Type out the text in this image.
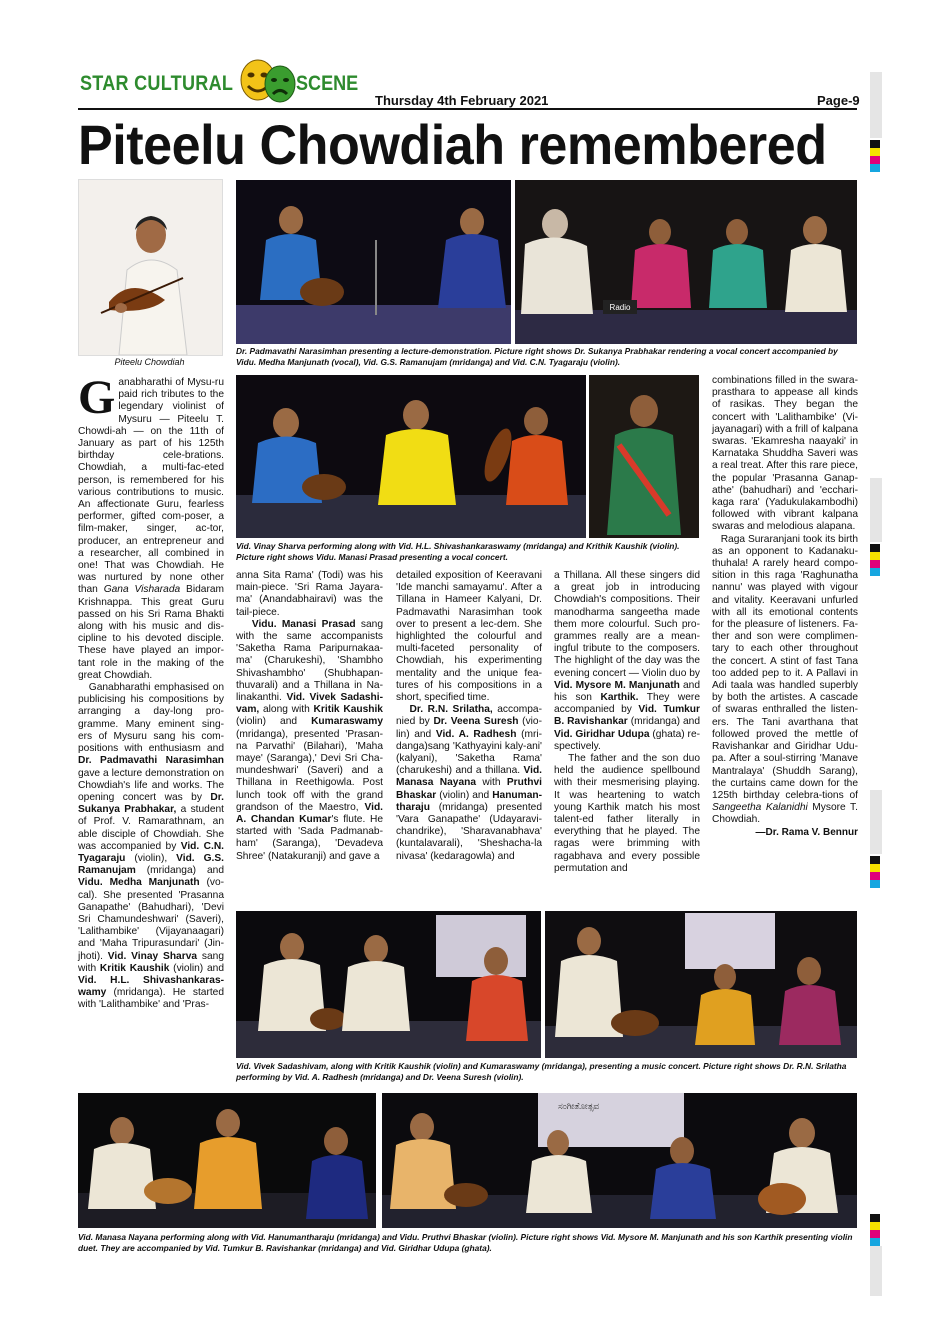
STAR CULTURAL	SCENE
Thursday 4th February 2021	Page-9
Piteelu Chowdiah remembered
Piteelu Chowdiah
Radio
Dr. Padmavathi Narasimhan presenting a lecture-demonstration. Picture right shows Dr. Sukanya Prabhakar rendering a vocal concert accompanied by Vidu. Medha Manjunath (vocal), Vid. G.S. Ramanujam (mridanga) and Vid. C.N. Tyagaraju (violin).
Vid. Vinay Sharva performing along with Vid. H.L. Shivashankaraswamy (mridanga) and Krithik Kaushik (violin). Picture right shows Vidu. Manasi Prasad presenting a vocal concert.
G anabharathi of Mysu-ru paid rich tributes to the legendary violinist of Mysuru — Piteelu T. Chowdi-ah — on the 11th of January as part of his 125th birthday cele-brations. Chowdiah, a multi-fac-eted person, is remembered for his various contributions to music. An affectionate Guru, fearless performer, gifted com-poser, a film-maker, singer, ac-tor, producer, an entrepreneur and a researcher, all combined in one! That was Chowdiah. He was nurtured by none other than Gana Visharada Bidaram Krishnappa. This great Guru passed on his Sri Rama Bhakti along with his music and dis-cipline to his devoted disciple. These have played an impor-tant role in the making of the great Chowdiah.
Ganabharathi emphasised on publicising his compositions by arranging a day-long pro-gramme. Many eminent sing-ers of Mysuru sang his com-positions with enthusiasm and Dr. Padmavathi Narasimhan gave a lecture demonstration on Chowdiah's life and works. The opening concert was by Dr. Sukanya Prabhakar, a student of Prof. V. Ramarathnam, an able disciple of Chowdiah. She was accompanied by Vid. C.N. Tyagaraju (violin), Vid. G.S. Ramanujam (mridanga) and Vidu. Medha Manjunath (vo-cal). She presented 'Prasanna Ganapathe' (Bahudhari), 'Devi Sri Chamundeshwari' (Saveri), 'Lalithambike' (Vijayanaagari) and 'Maha Tripurasundari' (Jin-jhoti). Vid. Vinay Sharva sang with Kritik Kaushik (violin) and Vid. H.L. Shivashankaras-wamy (mridanga). He started with 'Lalithambike' and 'Pras-
anna Sita Rama' (Todi) was his main-piece. 'Sri Rama Jayara-ma' (Anandabhairavi) was the tail-piece.
Vidu. Manasi Prasad sang with the same accompanists 'Saketha Rama Paripurnakaa-ma' (Charukeshi), 'Shambho Shivashambho' (Shubhapan-thuvarali) and a Thillana in Na-linakanthi. Vid. Vivek Sadashi-vam, along with Kritik Kaushik (violin) and Kumaraswamy (mridanga), presented 'Prasan-na Parvathi' (Bilahari), 'Maha maye' (Saranga),' Devi Sri Cha-mundeshwari' (Saveri) and a Thillana in Reethigowla. Post lunch took off with the grand grandson of the Maestro, Vid. A. Chandan Kumar's flute. He started with 'Sada Padmanab-ham' (Saranga), 'Devadeva Shree' (Natakuranji) and gave a
detailed exposition of Keeravani 'Ide manchi samayamu'. After a Tillana in Hameer Kalyani, Dr. Padmavathi Narasimhan took over to present a lec-dem. She highlighted the colourful and multi-faceted personality of Chowdiah, his experimenting mentality and the unique fea-tures of his compositions in a short, specified time.
Dr. R.N. Srilatha, accompa-nied by Dr. Veena Suresh (vio-lin) and Vid. A. Radhesh (mri-danga)sang 'Kathyayini kaly-ani' (kalyani), 'Saketha Rama' (charukeshi) and a thillana. Vid. Manasa Nayana with Pruthvi Bhaskar (violin) and Hanuman-tharaju (mridanga) presented 'Vara Ganapathe' (Udayaravi-chandrike), 'Sharavanabhava' (kuntalavarali), 'Sheshacha-la nivasa' (kedaragowla) and
a Thillana. All these singers did a great job in introducing Chowdiah's compositions. Their manodharma sangeetha made them more colourful. Such pro-grammes really are a mean-ingful tribute to the composers. The highlight of the day was the evening concert — Violin duo by Vid. Mysore M. Manjunath and his son Karthik. They were accompanied by Vid. Tumkur B. Ravishankar (mridanga) and Vid. Giridhar Udupa (ghata) re-spectively.
The father and the son duo held the audience spellbound with their mesmerising playing. It was heartening to watch young Karthik match his most talent-ed father literally in everything that he played. The ragas were brimming with ragabhava and every possible permutation and
combinations filled in the swara-prasthara to appease all kinds of rasikas. They began the concert with 'Lalithambike' (Vi-jayanagari) with a frill of kalpana swaras. 'Ekamresha naayaki' in Karnataka Shuddha Saveri was a real treat. After this rare piece, the popular 'Prasanna Ganap-athe' (bahudhari) and 'ecchari-kaga rara' (Yadukulakambodhi) followed with vibrant kalpana swaras and melodious alapana.
Raga Suraranjani took its birth as an opponent to Kadanaku-thuhala! A rarely heard compo-sition in this raga 'Raghunatha nannu' was played with vigour and vitality. Keeravani unfurled with all its emotional contents for the pleasure of listeners. Fa-ther and son were complimen-tary to each other throughout the concert. A stint of fast Tana too added pep to it. A Pallavi in Adi taala was handled superbly by both the artistes. A cascade of swaras enthralled the listen-ers. The Tani avarthana that followed proved the mettle of Ravishankar and Giridhar Udu-pa. After a soul-stirring 'Manave Mantralaya' (Shuddh Sarang), the curtains came down for the 125th birthday celebra-tions of Sangeetha Kalanidhi Mysore T. Chowdiah.
—Dr. Rama V. Bennur
Vid. Vivek Sadashivam, along with Kritik Kaushik (violin) and Kumaraswamy (mridanga), presenting a music concert. Picture right shows Dr. R.N. Srilatha performing by Vid. A. Radhesh (mridanga) and Dr. Veena Suresh (violin).
ಸಂಗೀತೋತ್ಸವ
Vid. Manasa Nayana performing along with Vid. Hanumantharaju (mridanga) and Vidu. Pruthvi Bhaskar (violin). Picture right shows Vid. Mysore M. Manjunath and his son Karthik presenting violin duet. They are accompanied by Vid. Tumkur B. Ravishankar (mridanga) and Vid. Giridhar Udupa (ghata).
